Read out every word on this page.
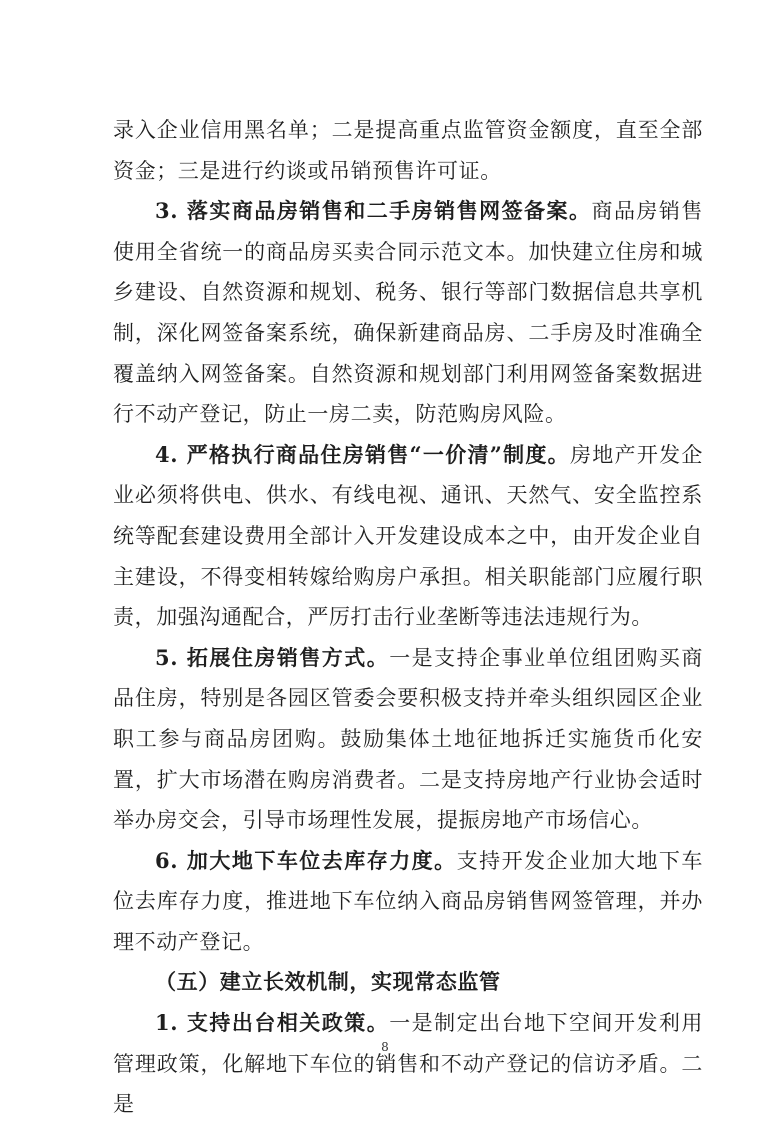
录入企业信用黑名单；二是提高重点监管资金额度，直至全部资金；三是进行约谈或吊销预售许可证。

3. 落实商品房销售和二手房销售网签备案。商品房销售使用全省统一的商品房买卖合同示范文本。加快建立住房和城乡建设、自然资源和规划、税务、银行等部门数据信息共享机制，深化网签备案系统，确保新建商品房、二手房及时准确全覆盖纳入网签备案。自然资源和规划部门利用网签备案数据进行不动产登记，防止一房二卖，防范购房风险。

4. 严格执行商品住房销售“一价清”制度。房地产开发企业必须将供电、供水、有线电视、通讯、天然气、安全监控系统等配套建设费用全部计入开发建设成本之中，由开发企业自主建设，不得变相转嫁给购房户承担。相关职能部门应履行职责，加强沟通配合，严厉打击行业垄断等违法违规行为。

5. 拓展住房销售方式。一是支持企事业单位组团购买商品住房，特别是各园区管委会要积极支持并牵头组织园区企业职工参与商品房团购。鼓励集体土地征地拆迁实施货币化安置，扩大市场潜在购房消费者。二是支持房地产行业协会适时举办房交会，引导市场理性发展，提振房地产市场信心。

6. 加大地下车位去库存力度。支持开发企业加大地下车位去库存力度，推进地下车位纳入商品房销售网签管理，并办理不动产登记。

（五）建立长效机制，实现常态监管

1. 支持出台相关政策。一是制定出台地下空间开发利用管理政策，化解地下车位的销售和不动产登记的信访矛盾。二是

8
